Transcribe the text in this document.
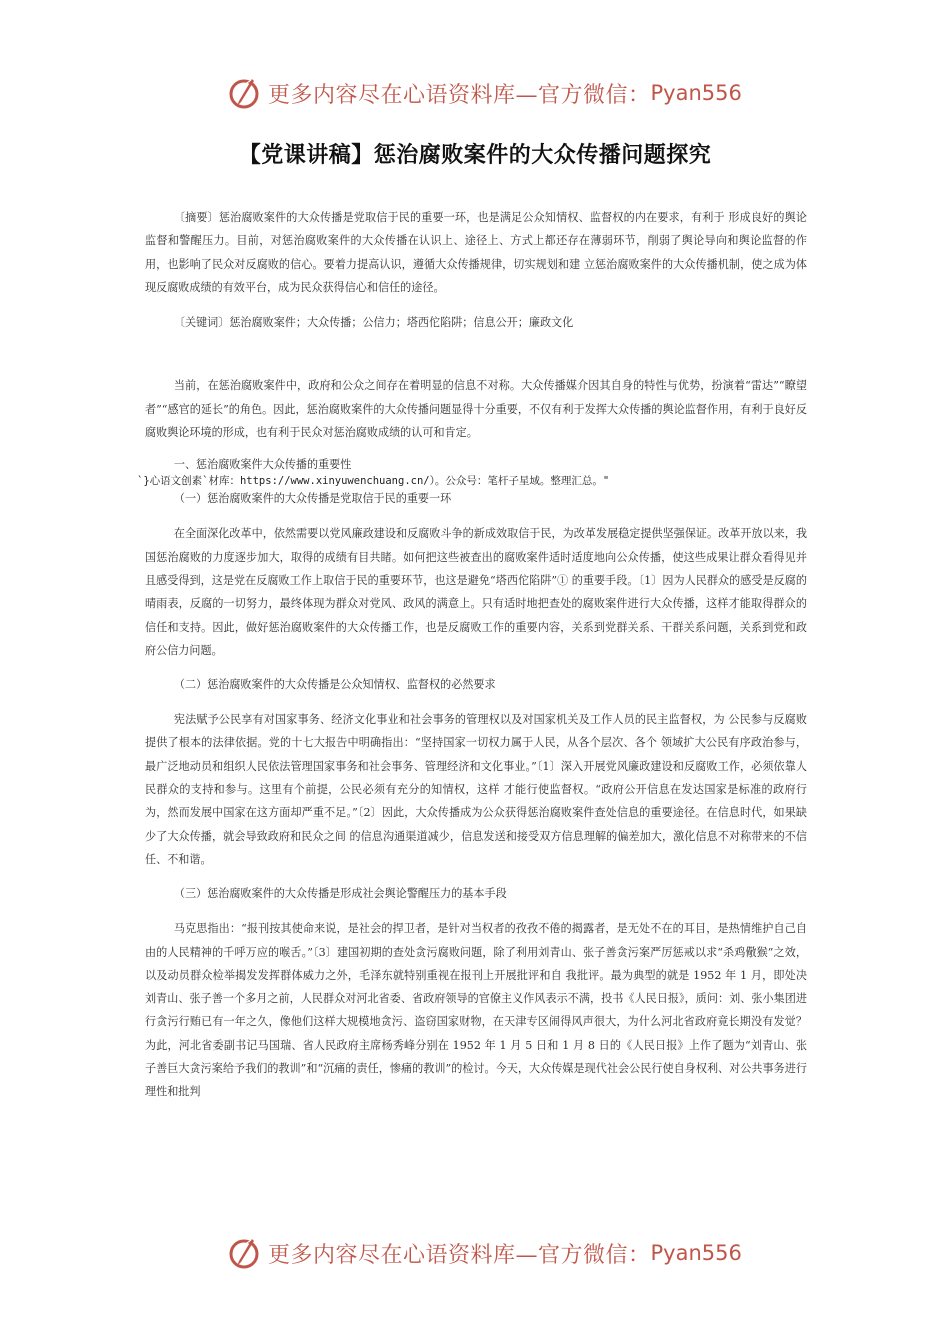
更多内容尽在心语资料库—官方微信： Pyan556
【党课讲稿】惩治腐败案件的大众传播问题探究

〔摘要〕惩治腐败案件的大众传播是党取信于民的重要一环，也是满足公众知情权、监督权的内在要求，有利于 形成良好的舆论监督和警醒压力。目前，对惩治腐败案件的大众传播在认识上、途径上、方式上都还存在薄弱环节，削弱了舆论导向和舆论监督的作用，也影响了民众对反腐败的信心。要着力提高认识，遵循大众传播规律，切实规划和建 立惩治腐败案件的大众传播机制，使之成为体现反腐败成绩的有效平台，成为民众获得信心和信任的途径。

〔关键词〕惩治腐败案件；大众传播；公信力；塔西佗陷阱；信息公开；廉政文化

当前，在惩治腐败案件中，政府和公众之间存在着明显的信息不对称。大众传播媒介因其自身的特性与优势，扮演着“雷达”“瞭望者”“感官的延长”的角色。因此，惩治腐败案件的大众传播问题显得十分重要，不仅有利于发挥大众传播的舆论监督作用，有利于良好反腐败舆论环境的形成，也有利于民众对惩治腐败成绩的认可和肯定。

一、惩治腐败案件大众传播的重要性

`}心语文创素`材库：https://www.xinyuwenchuang.cn/）。公众号：笔杆子星域。整理汇总。"

（一）惩治腐败案件的大众传播是党取信于民的重要一环

在全面深化改革中，依然需要以党风廉政建设和反腐败斗争的新成效取信于民，为改革发展稳定提供坚强保证。改革开放以来，我国惩治腐败的力度逐步加大，取得的成绩有目共睹。如何把这些被查出的腐败案件适时适度地向公众传播，使这些成果让群众看得见并且感受得到，这是党在反腐败工作上取信于民的重要环节，也这是避免“塔西佗陷阱”① 的重要手段。〔1〕因为人民群众的感受是反腐的晴雨表，反腐的一切努力，最终体现为群众对党风、政风的满意上。只有适时地把查处的腐败案件进行大众传播，这样才能取得群众的信任和支持。因此，做好惩治腐败案件的大众传播工作，也是反腐败工作的重要内容，关系到党群关系、干群关系问题，关系到党和政府公信力问题。

（二）惩治腐败案件的大众传播是公众知情权、监督权的必然要求

宪法赋予公民享有对国家事务、经济文化事业和社会事务的管理权以及对国家机关及工作人员的民主监督权，为 公民参与反腐败提供了根本的法律依据。党的十七大报告中明确指出：“坚持国家一切权力属于人民，从各个层次、各个 领域扩大公民有序政治参与，最广泛地动员和组织人民依法管理国家事务和社会事务、管理经济和文化事业。”〔1〕深入开展党风廉政建设和反腐败工作，必须依靠人民群众的支持和参与。这里有个前提，公民必须有充分的知情权，这样 才能行使监督权。“政府公开信息在发达国家是标准的政府行为，然而发展中国家在这方面却严重不足。”〔2〕因此，大众传播成为公众获得惩治腐败案件查处信息的重要途径。在信息时代，如果缺少了大众传播，就会导致政府和民众之间 的信息沟通渠道减少，信息发送和接受双方信息理解的偏差加大，激化信息不对称带来的不信任、不和谐。

（三）惩治腐败案件的大众传播是形成社会舆论警醒压力的基本手段

马克思指出：“报刊按其使命来说，是社会的捍卫者，是针对当权者的孜孜不倦的揭露者，是无处不在的耳目，是热情维护自己自由的人民精神的千呼万应的喉舌。”〔3〕建国初期的查处贪污腐败问题，除了利用刘青山、张子善贪污案严厉惩戒以求“杀鸡儆猴”之效，以及动员群众检举揭发发挥群体威力之外，毛泽东就特别重视在报刊上开展批评和自 我批评。最为典型的就是 1952 年 1 月，即处决刘青山、张子善一个多月之前，人民群众对河北省委、省政府领导的官僚主义作风表示不满，投书《人民日报》，质问：刘、张小集团进行贪污行贿已有一年之久，像他们这样大规模地贪污、盗窃国家财物，在天津专区闹得风声很大，为什么河北省政府竟长期没有发觉？为此，河北省委副书记马国瑞、省人民政府主席杨秀峰分别在 1952 年 1 月 5 日和 1 月 8 日的《人民日报》上作了题为“刘青山、张子善巨大贪污案给予我们的教训”和“沉痛的责任，惨痛的教训”的检讨。今天，大众传媒是现代社会公民行使自身权利、对公共事务进行理性和批判

更多内容尽在心语资料库—官方微信： Pyan556
